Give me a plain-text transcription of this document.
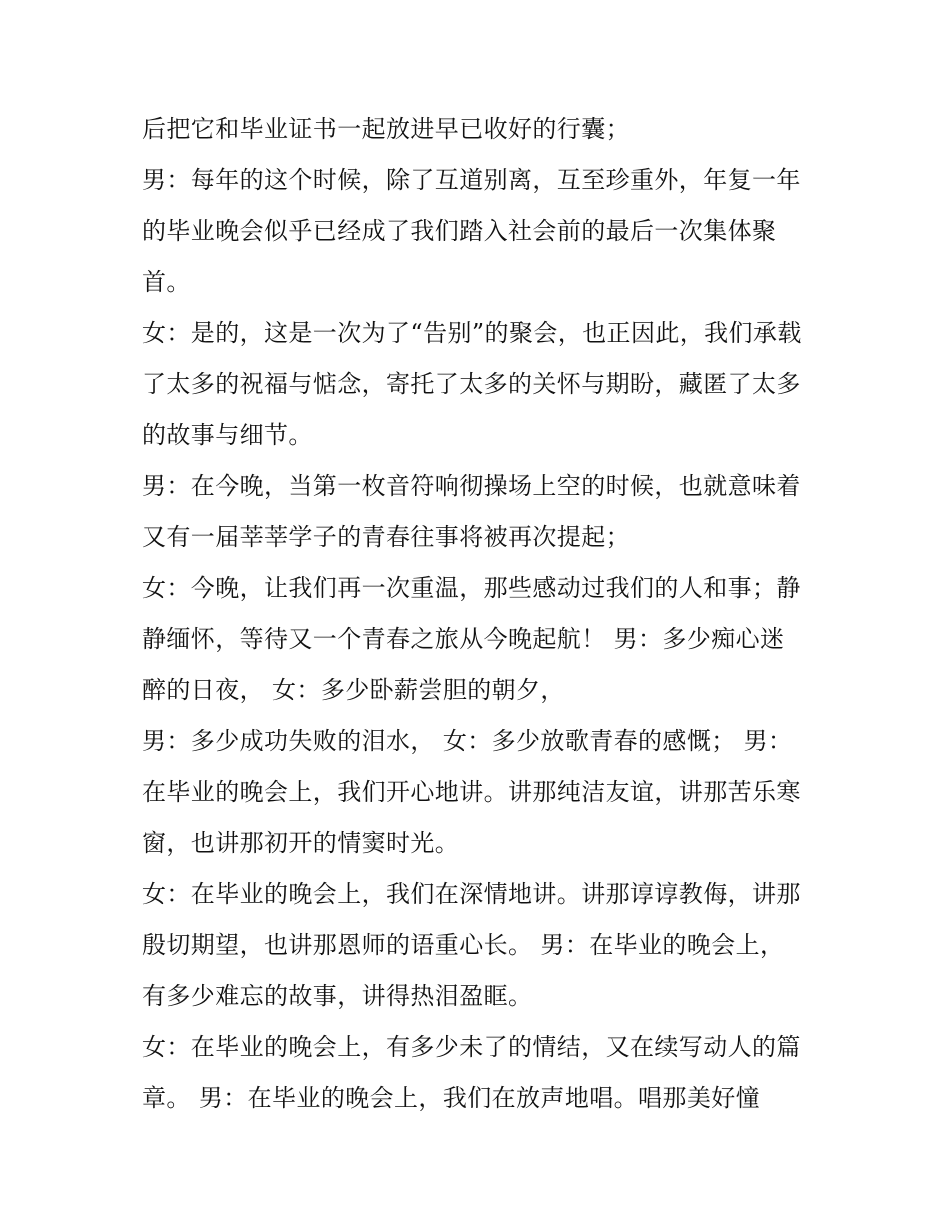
后把它和毕业证书一起放进早已收好的行囊；
男：每年的这个时候，除了互道别离，互至珍重外，年复一年
的毕业晚会似乎已经成了我们踏入社会前的最后一次集体聚
首。
女：是的，这是一次为了“告别”的聚会，也正因此，我们承载
了太多的祝福与惦念，寄托了太多的关怀与期盼，藏匿了太多
的故事与细节。
男：在今晚，当第一枚音符响彻操场上空的时候，也就意味着
又有一届莘莘学子的青春往事将被再次提起；
女：今晚，让我们再一次重温，那些感动过我们的人和事；静
静缅怀，等待又一个青春之旅从今晚起航！ 男：多少痴心迷
醉的日夜， 女：多少卧薪尝胆的朝夕，
男：多少成功失败的泪水， 女：多少放歌青春的感慨； 男：
在毕业的晚会上，我们开心地讲。讲那纯洁友谊，讲那苦乐寒
窗，也讲那初开的情窦时光。
女：在毕业的晚会上，我们在深情地讲。讲那谆谆教侮，讲那
殷切期望，也讲那恩师的语重心长。 男：在毕业的晚会上，
有多少难忘的故事，讲得热泪盈眶。
女：在毕业的晚会上，有多少未了的情结，又在续写动人的篇
章。 男：在毕业的晚会上，我们在放声地唱。唱那美好憧
